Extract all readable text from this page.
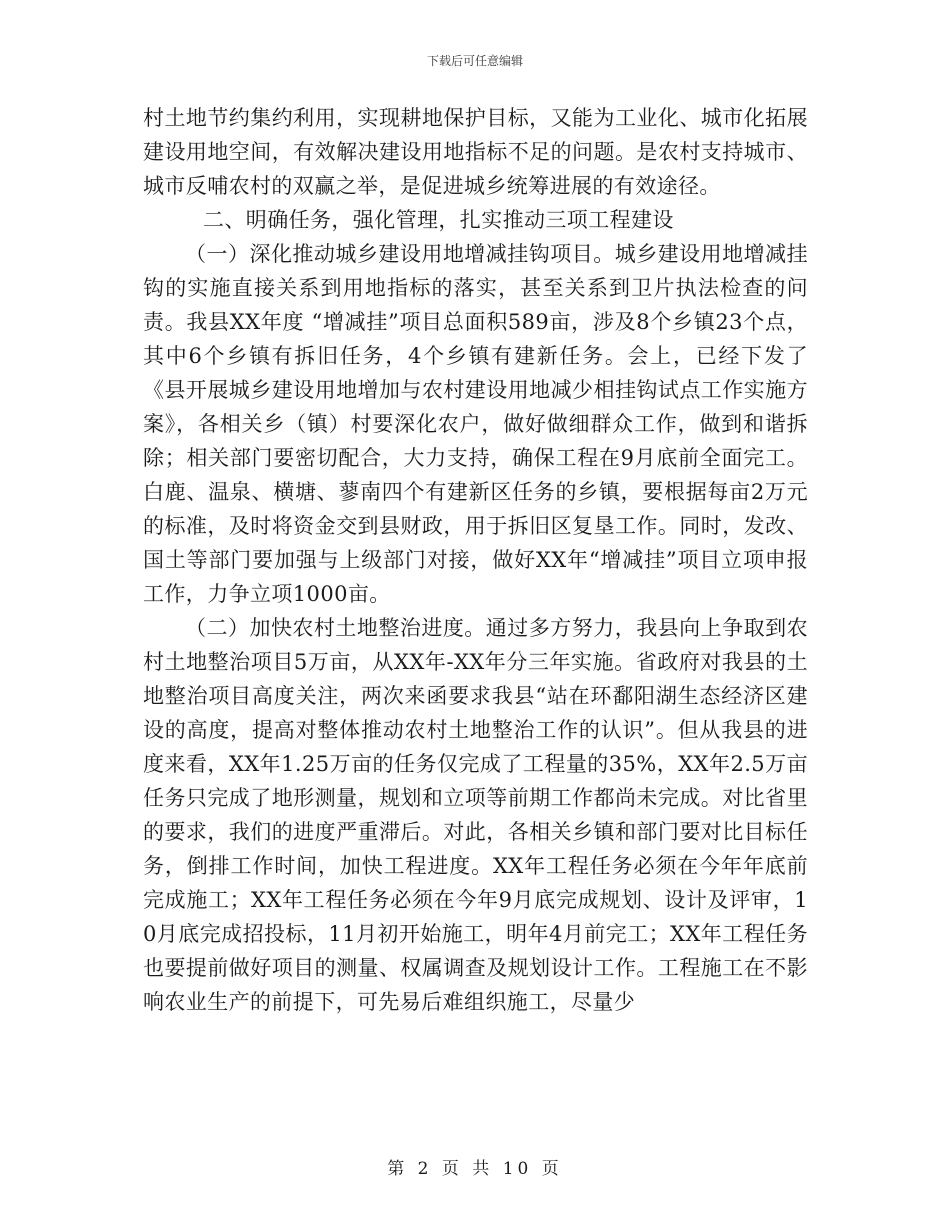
下载后可任意编辑

村土地节约集约利用，实现耕地保护目标，又能为工业化、城市化拓展建设用地空间，有效解决建设用地指标不足的问题。是农村支持城市、城市反哺农村的双赢之举，是促进城乡统筹进展的有效途径。

二、明确任务，强化管理，扎实推动三项工程建设

（一）深化推动城乡建设用地增减挂钩项目。城乡建设用地增减挂钩的实施直接关系到用地指标的落实，甚至关系到卫片执法检查的问责。我县XX年度 “增减挂”项目总面积589亩，涉及8个乡镇23个点，其中6个乡镇有拆旧任务，4个乡镇有建新任务。会上，已经下发了《县开展城乡建设用地增加与农村建设用地减少相挂钩试点工作实施方案》，各相关乡（镇）村要深化农户，做好做细群众工作，做到和谐拆除；相关部门要密切配合，大力支持，确保工程在9月底前全面完工。白鹿、温泉、横塘、蓼南四个有建新区任务的乡镇，要根据每亩2万元的标准，及时将资金交到县财政，用于拆旧区复垦工作。同时，发改、国土等部门要加强与上级部门对接，做好XX年“增减挂”项目立项申报工作，力争立项1000亩。

（二）加快农村土地整治进度。通过多方努力，我县向上争取到农村土地整治项目5万亩，从XX年-XX年分三年实施。省政府对我县的土地整治项目高度关注，两次来函要求我县“站在环鄱阳湖生态经济区建设的高度，提高对整体推动农村土地整治工作的认识”。但从我县的进度来看，XX年1.25万亩的任务仅完成了工程量的35%，XX年2.5万亩任务只完成了地形测量，规划和立项等前期工作都尚未完成。对比省里的要求，我们的进度严重滞后。对此，各相关乡镇和部门要对比目标任务，倒排工作时间，加快工程进度。XX年工程任务必须在今年年底前完成施工；XX年工程任务必须在今年9月底完成规划、设计及评审，10月底完成招投标，11月初开始施工，明年4月前完工；XX年工程任务也要提前做好项目的测量、权属调查及规划设计工作。工程施工在不影响农业生产的前提下，可先易后难组织施工，尽量少

第 2 页 共 10 页
